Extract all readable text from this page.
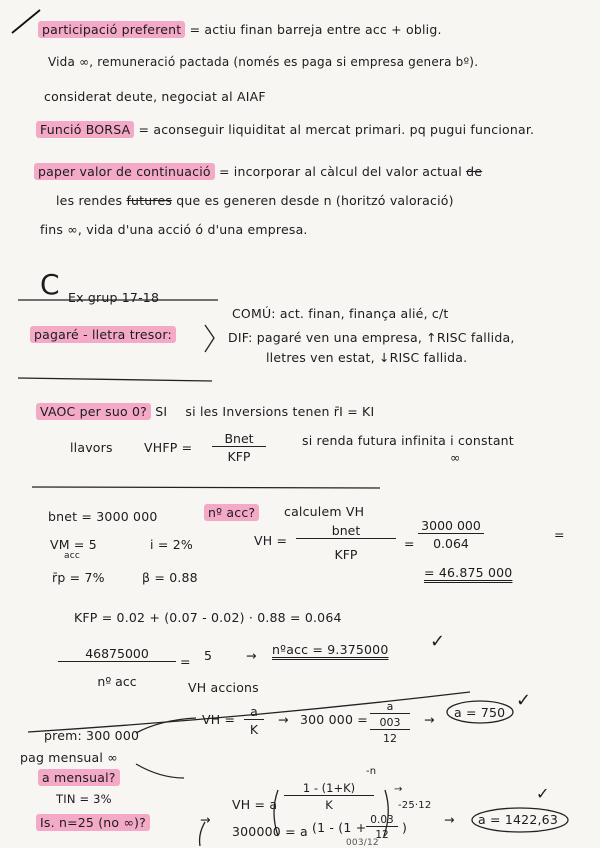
participació preferent = actiu finan barreja entre acc + oblig.
Vida ∞, remuneració pactada (només es paga si empresa genera bº).
considerat deute, negociat al AIAF
Funció BORSA = aconseguir liquiditat al mercat primari. pq pugui funcionar.
paper valor de continuació = incorporar al càlcul del valor actual de
les rendes futures que es generen desde n (horitzó valoració)
fins ∞, vida d'una acció ó d'una empresa.
C Ex grup 17-18
pagaré - lletra tresor:
COMÚ: act. finan, finança alié, c/t
DIF: pagaré ven una empresa, ↑RISC fallida,
lletres ven estat, ↓RISC fallida.
VAOC per suo 0? SI si les Inversions tenen r̄I = KI
llavors	VHFP =
Bnet
KFP
si renda futura infinita i constant
∞
bnet = 3000 000	nº acc?	calculem VH
VM = 5
acc
i = 2%
r̄p = 7%	β = 0.88
VH =
bnet
KFP
= $\frac{3000 000}{0.064}$	=
= 46.875 000
KFP = 0.02 + (0.07 - 0.02) · 0.88 = 0.064
46875000
nº acc
= 5
VH accions
→ nºacc = 9.375000 ✓
prem: 300 000
pag mensual ∞
a mensual?
VH = $\frac{a}{K} \to 300$ 000 =
a
003
12
→ a = 750
✓
TIN = 3%
Is. n=25 (no ∞)?	→
VH = a $\frac{1 - (1+K)}{K}$
-n
→
-25·12
300000 = a ($1 - (1 + \frac{0.03}{12}$ )
003/12
→ a = 1422,63
✓
